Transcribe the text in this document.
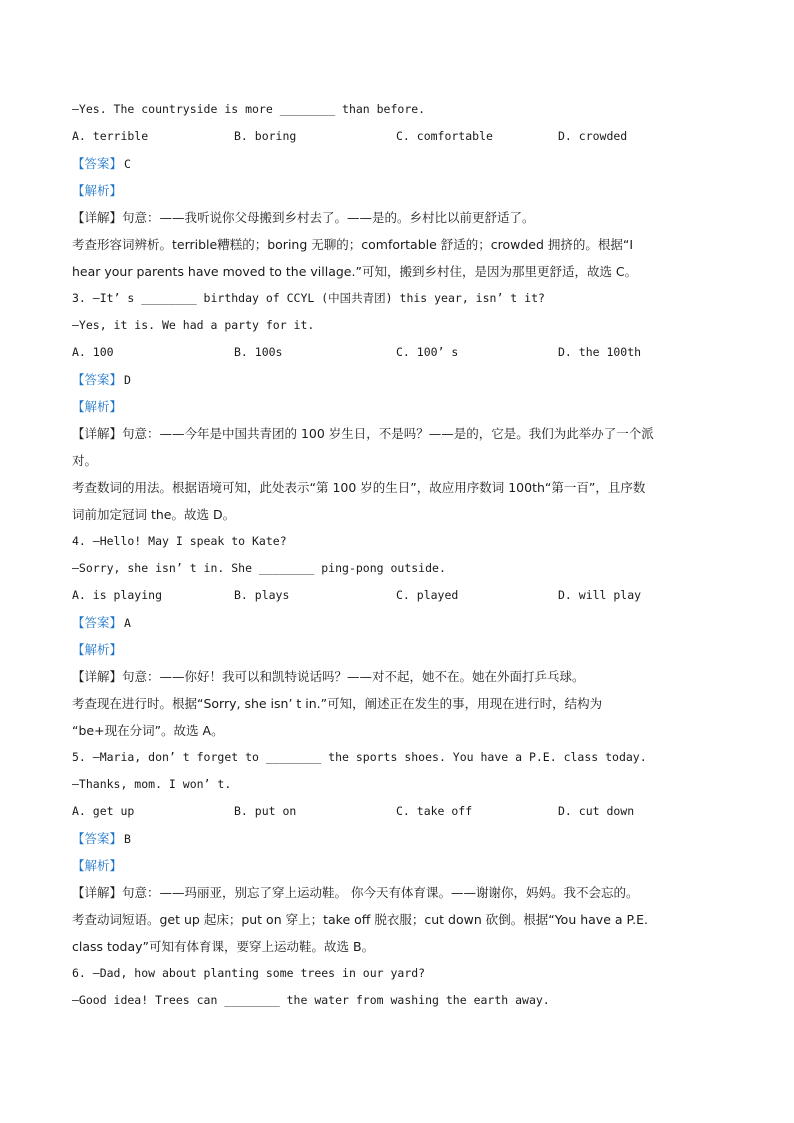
—Yes. The countryside is more ________ than before.
A. terrible	B. boring	C. comfortable	D. crowded
【答案】 C
【解析】
【详解】句意：——我听说你父母搬到乡村去了。——是的。乡村比以前更舒适了。
考查形容词辨析。terrible糟糕的；boring 无聊的；comfortable 舒适的；crowded 拥挤的。根据“I
hear your parents have moved to the village.”可知，搬到乡村住，是因为那里更舒适，故选 C。
3. —It’ s ________ birthday of CCYL (中国共青团) this year, isn’ t it?
—Yes, it is. We had a party for it.
A. 100	B. 100s	C. 100’ s	D. the 100th
【答案】 D
【解析】
【详解】句意：——今年是中国共青团的 100 岁生日，不是吗？——是的，它是。我们为此举办了一个派
对。
考查数词的用法。根据语境可知，此处表示“第 100 岁的生日”，故应用序数词 100th“第一百”，且序数
词前加定冠词 the。故选 D。
4. —Hello! May I speak to Kate?
—Sorry, she isn’ t in. She ________ ping-pong outside.
A. is playing	B. plays	C. played	D. will play
【答案】 A
【解析】
【详解】句意：——你好！我可以和凯特说话吗？——对不起，她不在。她在外面打乒乓球。
考查现在进行时。根据“Sorry, she isn’ t in.”可知，阐述正在发生的事，用现在进行时，结构为
“be+现在分词”。故选 A。
5. —Maria, don’ t forget to ________ the sports shoes. You have a P.E. class today.
—Thanks, mom. I won’ t.
A. get up	B. put on	C. take off	D. cut down
【答案】 B
【解析】
【详解】句意：——玛丽亚，别忘了穿上运动鞋。 你今天有体育课。——谢谢你，妈妈。我不会忘的。
考查动词短语。get up 起床；put on 穿上；take off 脱衣服；cut down 砍倒。根据“You have a P.E.
class today”可知有体育课，要穿上运动鞋。故选 B。
6. —Dad, how about planting some trees in our yard?
—Good idea! Trees can ________ the water from washing the earth away.
